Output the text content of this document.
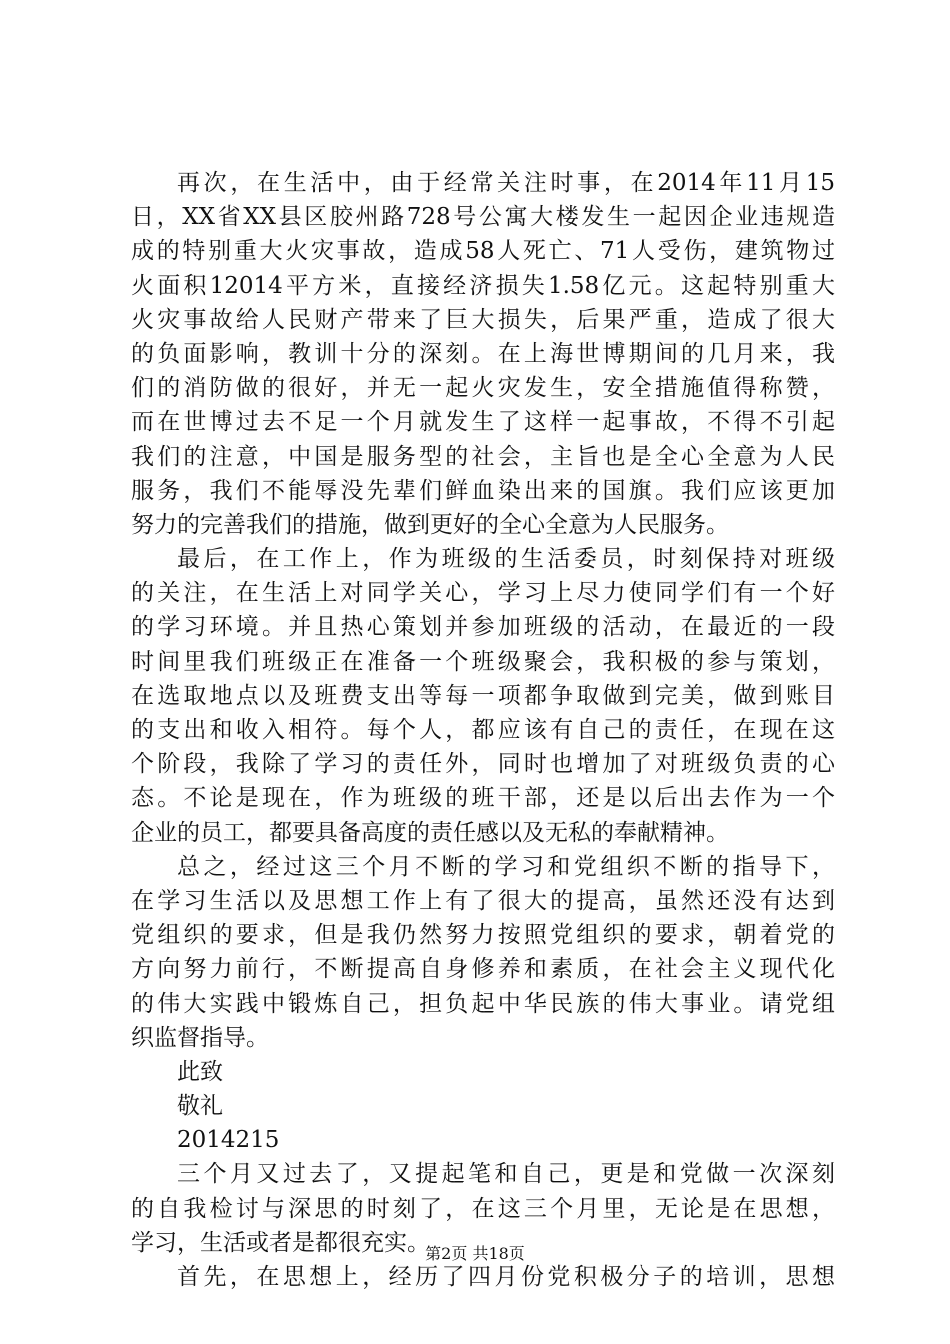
再次，在生活中，由于经常关注时事，在2014年11月15
日，XX省XX县区胶州路728号公寓大楼发生一起因企业违规造
成的特别重大火灾事故，造成58人死亡、71人受伤，建筑物过
火面积12014平方米，直接经济损失1.58亿元。这起特别重大
火灾事故给人民财产带来了巨大损失，后果严重，造成了很大
的负面影响，教训十分的深刻。在上海世博期间的几月来，我
们的消防做的很好，并无一起火灾发生，安全措施值得称赞，
而在世博过去不足一个月就发生了这样一起事故，不得不引起
我们的注意，中国是服务型的社会，主旨也是全心全意为人民
服务，我们不能辱没先辈们鲜血染出来的国旗。我们应该更加
努力的完善我们的措施，做到更好的全心全意为人民服务。
最后，在工作上，作为班级的生活委员，时刻保持对班级
的关注，在生活上对同学关心，学习上尽力使同学们有一个好
的学习环境。并且热心策划并参加班级的活动，在最近的一段
时间里我们班级正在准备一个班级聚会，我积极的参与策划，
在选取地点以及班费支出等每一项都争取做到完美，做到账目
的支出和收入相符。每个人，都应该有自己的责任，在现在这
个阶段，我除了学习的责任外，同时也增加了对班级负责的心
态。不论是现在，作为班级的班干部，还是以后出去作为一个
企业的员工，都要具备高度的责任感以及无私的奉献精神。
总之，经过这三个月不断的学习和党组织不断的指导下，
在学习生活以及思想工作上有了很大的提高，虽然还没有达到
党组织的要求，但是我仍然努力按照党组织的要求，朝着党的
方向努力前行，不断提高自身修养和素质，在社会主义现代化
的伟大实践中锻炼自己，担负起中华民族的伟大事业。请党组
织监督指导。
此致
敬礼
2014215
三个月又过去了，又提起笔和自己，更是和党做一次深刻
的自我检讨与深思的时刻了，在这三个月里，无论是在思想，
学习，生活或者是都很充实。
首先，在思想上，经历了四月份党积极分子的培训，思想
第2页 共18页
